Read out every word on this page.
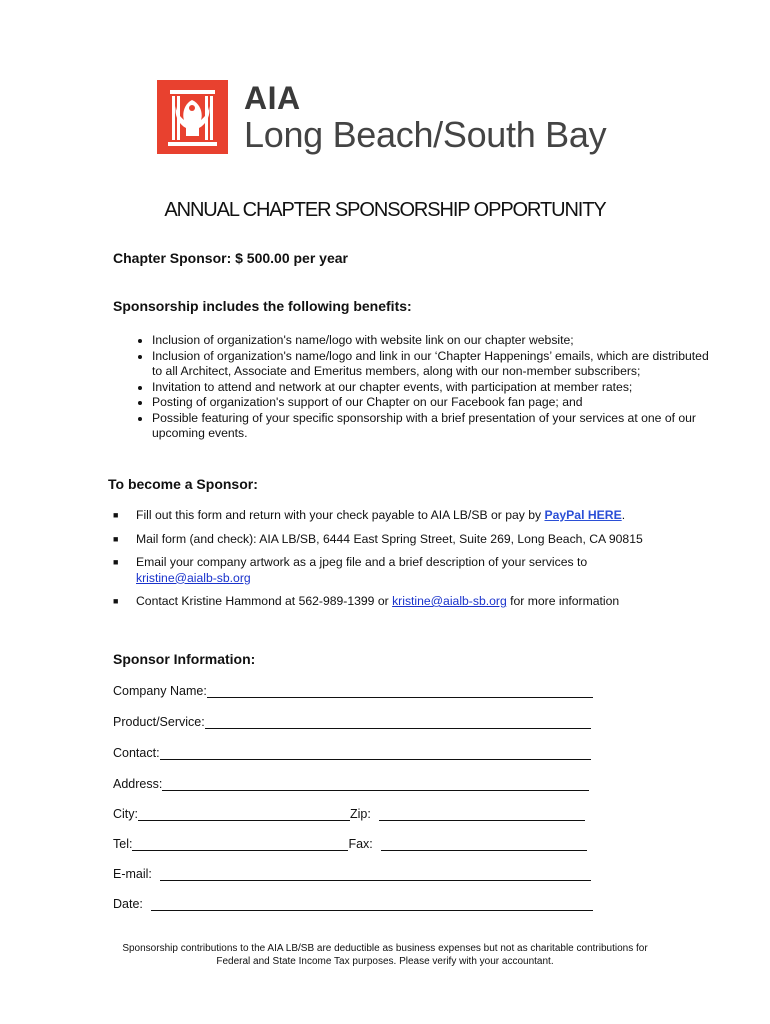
AIA
Long Beach/South Bay
ANNUAL CHAPTER SPONSORSHIP OPPORTUNITY
Chapter Sponsor: $ 500.00 per year
Sponsorship includes the following benefits:
• Inclusion of organization's name/logo with website link on our chapter website;
• Inclusion of organization's name/logo and link in our ‘Chapter Happenings’ emails, which are distributed to all Architect, Associate and Emeritus members, along with our non-member subscribers;
• Invitation to attend and network at our chapter events, with participation at member rates;
• Posting of organization's support of our Chapter on our Facebook fan page; and
• Possible featuring of your specific sponsorship with a brief presentation of your services at one of our upcoming events.
To become a Sponsor:
■ Fill out this form and return with your check payable to AIA LB/SB or pay by PayPal HERE.
■ Mail form (and check): AIA LB/SB, 6444 East Spring Street, Suite 269, Long Beach, CA 90815
■ Email your company artwork as a jpeg file and a brief description of your services to kristine@aialb-sb.org
■ Contact Kristine Hammond at 562-989-1399 or kristine@aialb-sb.org for more information
Sponsor Information:
Company Name:
Product/Service:
Contact:
Address:
City:	Zip:
Tel:	Fax:
E-mail:
Date:
Sponsorship contributions to the AIA LB/SB are deductible as business expenses but not as charitable contributions for
Federal and State Income Tax purposes. Please verify with your accountant.
